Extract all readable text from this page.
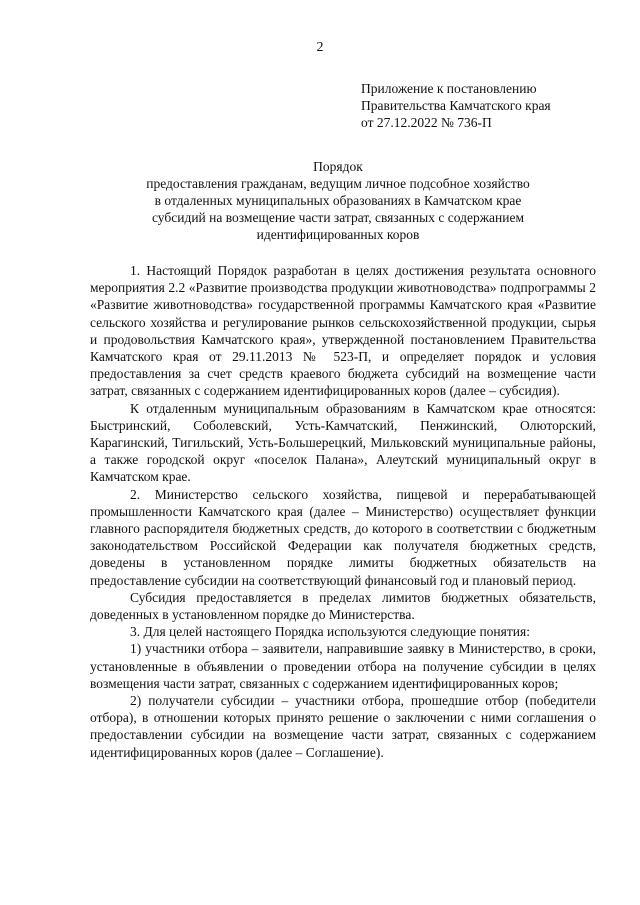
2
Приложение к постановлению
Правительства Камчатского края
от 27.12.2022 № 736-П
Порядок
предоставления гражданам, ведущим личное подсобное хозяйство
в отдаленных муниципальных образованиях в Камчатском крае
субсидий на возмещение части затрат, связанных с содержанием
идентифицированных коров

1. Настоящий Порядок разработан в целях достижения результата основного мероприятия 2.2 «Развитие производства продукции животноводства» подпрограммы 2 «Развитие животноводства» государственной программы Камчатского края «Развитие сельского хозяйства и регулирование рынков сельскохозяйственной продукции, сырья и продовольствия Камчатского края», утвержденной постановлением Правительства Камчатского края от 29.11.2013 № 523-П, и определяет порядок и условия предоставления за счет средств краевого бюджета субсидий на возмещение части затрат, связанных с содержанием идентифицированных коров (далее – субсидия).

К отдаленным муниципальным образованиям в Камчатском крае относятся: Быстринский, Соболевский, Усть-Камчатский, Пенжинский, Олюторский, Карагинский, Тигильский, Усть-Большерецкий, Мильковский муниципальные районы, а также городской округ «поселок Палана», Алеутский муниципальный округ в Камчатском крае.

2. Министерство сельского хозяйства, пищевой и перерабатывающей промышленности Камчатского края (далее – Министерство) осуществляет функции главного распорядителя бюджетных средств, до которого в соответствии с бюджетным законодательством Российской Федерации как получателя бюджетных средств, доведены в установленном порядке лимиты бюджетных обязательств на предоставление субсидии на соответствующий финансовый год и плановый период.

Субсидия предоставляется в пределах лимитов бюджетных обязательств, доведенных в установленном порядке до Министерства.

3. Для целей настоящего Порядка используются следующие понятия:

1) участники отбора – заявители, направившие заявку в Министерство, в сроки, установленные в объявлении о проведении отбора на получение субсидии в целях возмещения части затрат, связанных с содержанием идентифицированных коров;

2) получатели субсидии – участники отбора, прошедшие отбор (победители отбора), в отношении которых принято решение о заключении с ними соглашения о предоставлении субсидии на возмещение части затрат, связанных с содержанием идентифицированных коров (далее – Соглашение).
